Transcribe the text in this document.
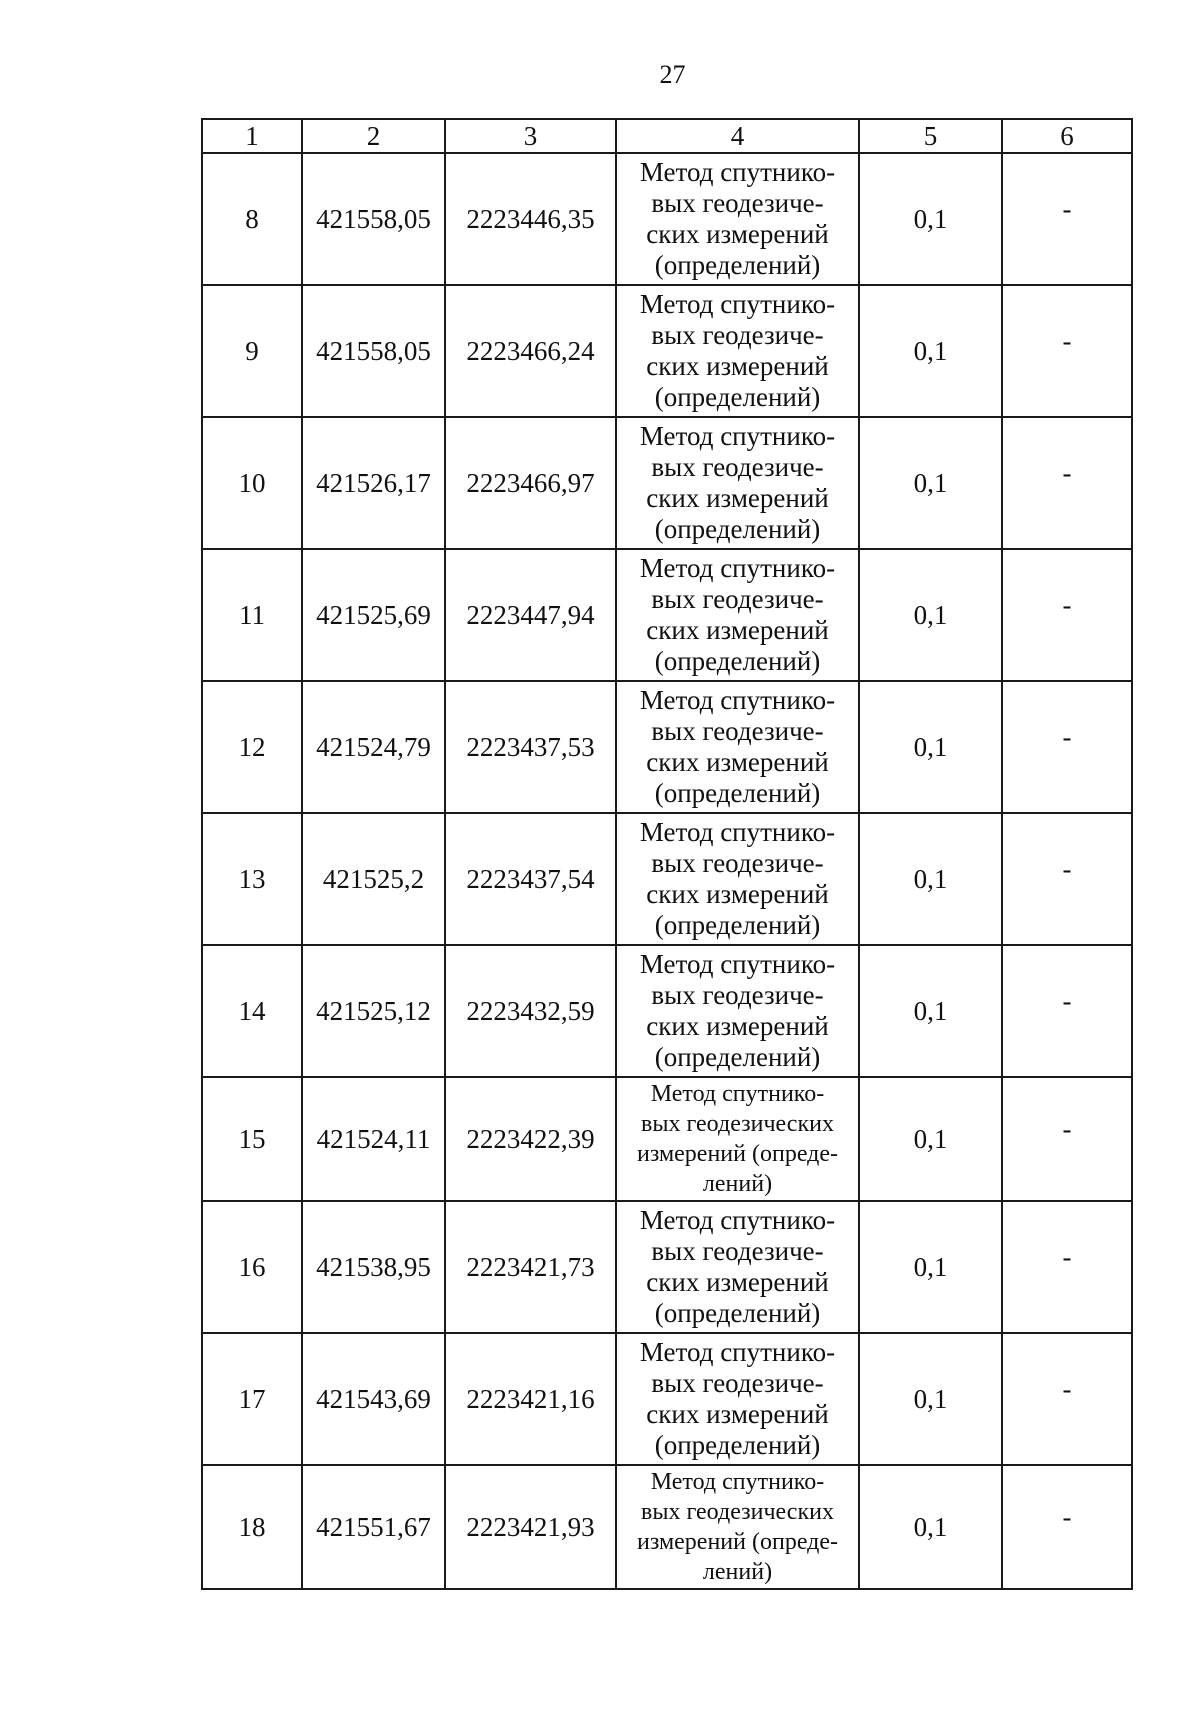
27
1	2	3	4	5	6
8	421558,05	2223446,35	Метод спутнико-
вых геодезиче-
ских измерений
(определений)	0,1	-
9	421558,05	2223466,24	Метод спутнико-
вых геодезиче-
ских измерений
(определений)	0,1	-
10	421526,17	2223466,97	Метод спутнико-
вых геодезиче-
ских измерений
(определений)	0,1	-
11	421525,69	2223447,94	Метод спутнико-
вых геодезиче-
ских измерений
(определений)	0,1	-
12	421524,79	2223437,53	Метод спутнико-
вых геодезиче-
ских измерений
(определений)	0,1	-
13	421525,2	2223437,54	Метод спутнико-
вых геодезиче-
ских измерений
(определений)	0,1	-
14	421525,12	2223432,59	Метод спутнико-
вых геодезиче-
ских измерений
(определений)	0,1	-
15	421524,11	2223422,39	Метод спутнико-
вых геодезических
измерений (опреде-
лений)	0,1	-
16	421538,95	2223421,73	Метод спутнико-
вых геодезиче-
ских измерений
(определений)	0,1	-
17	421543,69	2223421,16	Метод спутнико-
вых геодезиче-
ских измерений
(определений)	0,1	-
18	421551,67	2223421,93	Метод спутнико-
вых геодезических
измерений (опреде-
лений)	0,1	-
